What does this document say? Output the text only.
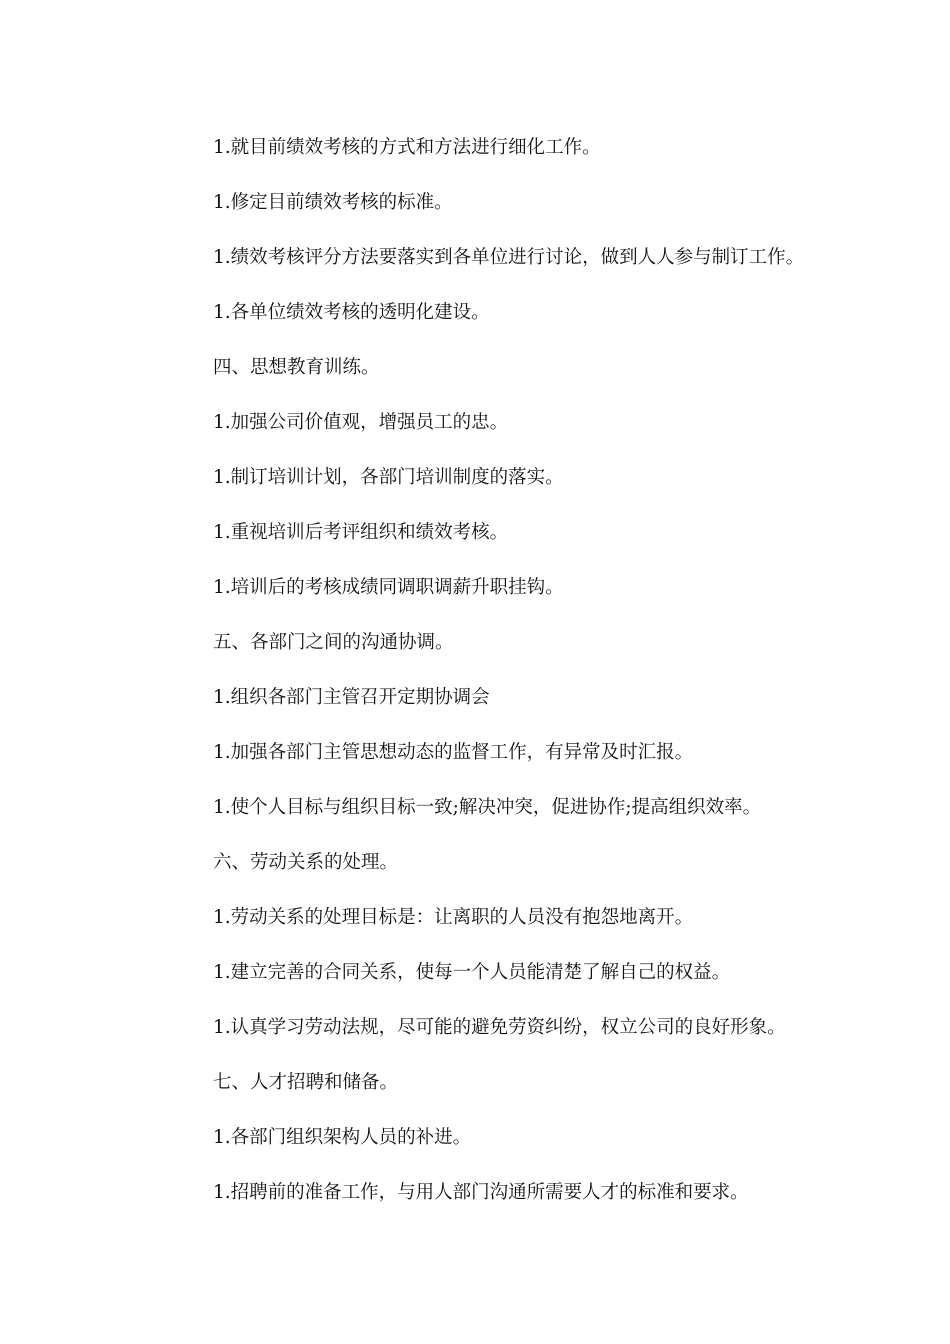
1.就目前绩效考核的方式和方法进行细化工作。
1.修定目前绩效考核的标准。
1.绩效考核评分方法要落实到各单位进行讨论，做到人人参与制订工作。
1.各单位绩效考核的透明化建设。
四、思想教育训练。
1.加强公司价值观，增强员工的忠。
1.制订培训计划，各部门培训制度的落实。
1.重视培训后考评组织和绩效考核。
1.培训后的考核成绩同调职调薪升职挂钩。
五、各部门之间的沟通协调。
1.组织各部门主管召开定期协调会
1.加强各部门主管思想动态的监督工作，有异常及时汇报。
1.使个人目标与组织目标一致;解决冲突，促进协作;提高组织效率。
六、劳动关系的处理。
1.劳动关系的处理目标是：让离职的人员没有抱怨地离开。
1.建立完善的合同关系，使每一个人员能清楚了解自己的权益。
1.认真学习劳动法规，尽可能的避免劳资纠纷，权立公司的良好形象。
七、人才招聘和储备。
1.各部门组织架构人员的补进。
1.招聘前的准备工作，与用人部门沟通所需要人才的标准和要求。
